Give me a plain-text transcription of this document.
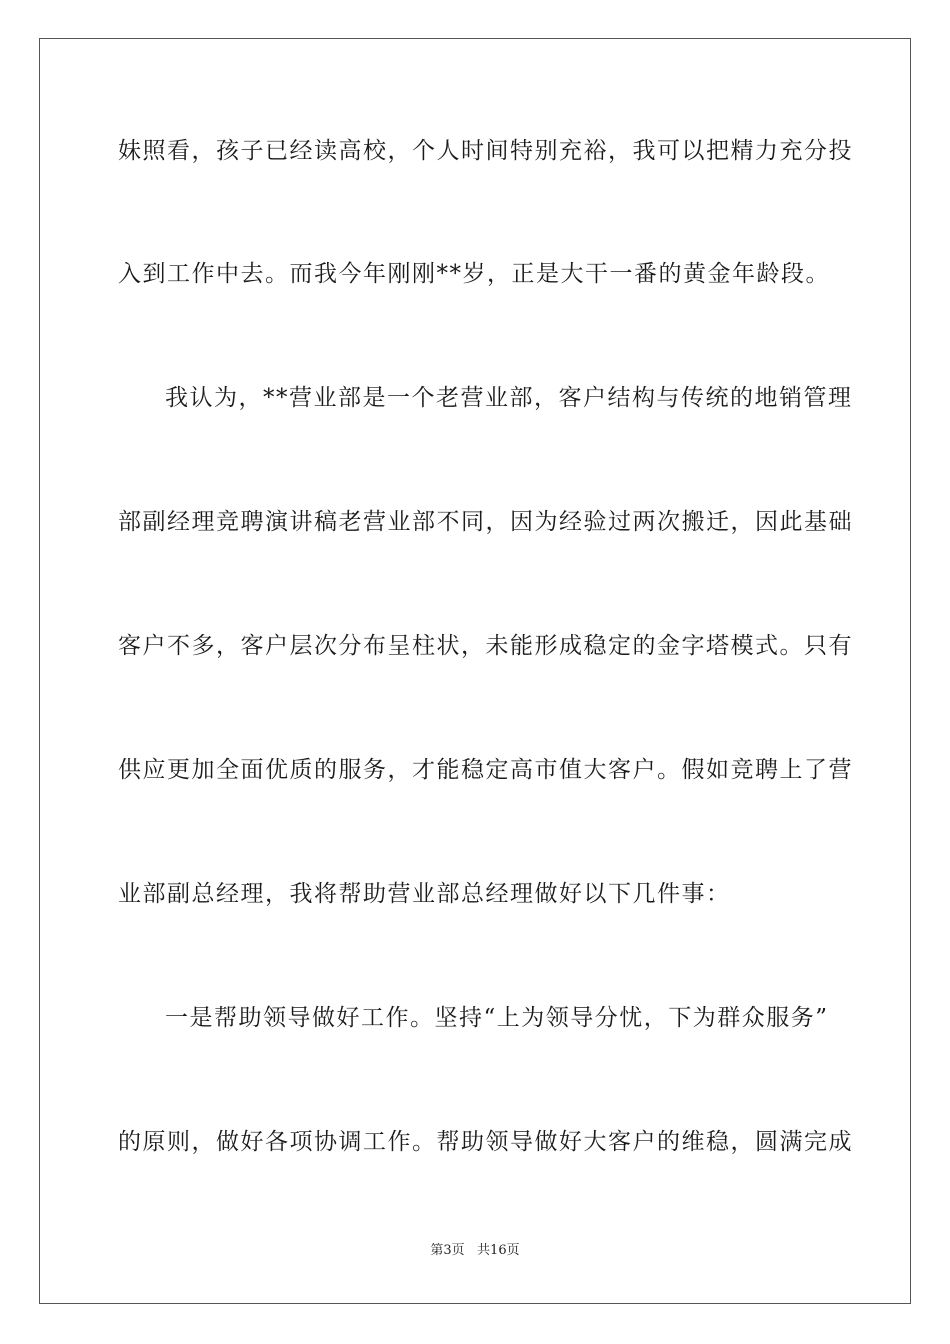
妹照看，孩子已经读高校，个人时间特别充裕，我可以把精力充分投
入到工作中去。而我今年刚刚**岁，正是大干一番的黄金年龄段。
我认为，**营业部是一个老营业部，客户结构与传统的地销管理
部副经理竞聘演讲稿老营业部不同，因为经验过两次搬迁，因此基础
客户不多，客户层次分布呈柱状，未能形成稳定的金字塔模式。只有
供应更加全面优质的服务，才能稳定高市值大客户。假如竞聘上了营
业部副总经理，我将帮助营业部总经理做好以下几件事：
一是帮助领导做好工作。坚持“上为领导分忧，下为群众服务”
的原则，做好各项协调工作。帮助领导做好大客户的维稳，圆满完成
第3页   共16页
